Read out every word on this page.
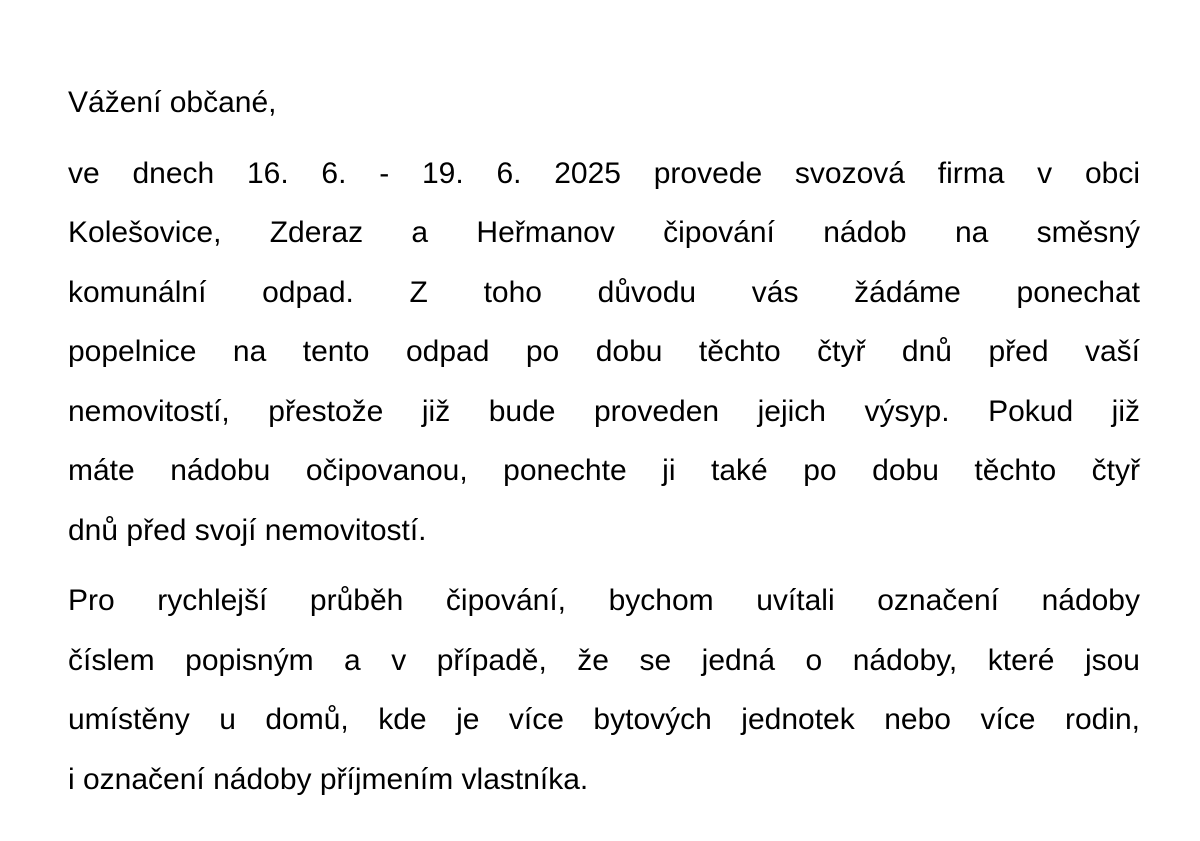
Vážení občané,
ve dnech 16. 6. - 19. 6. 2025 provede svozová firma v obci
Kolešovice, Zderaz a Heřmanov čipování nádob na směsný
komunální odpad. Z toho důvodu vás žádáme ponechat
popelnice na tento odpad po dobu těchto čtyř dnů před vaší
nemovitostí, přestože již bude proveden jejich výsyp. Pokud již
máte nádobu očipovanou, ponechte ji také po dobu těchto čtyř
dnů před svojí nemovitostí.
Pro rychlejší průběh čipování, bychom uvítali označení nádoby
číslem popisným a v případě, že se jedná o nádoby, které jsou
umístěny u domů, kde je více bytových jednotek nebo více rodin,
i označení nádoby příjmením vlastníka.
